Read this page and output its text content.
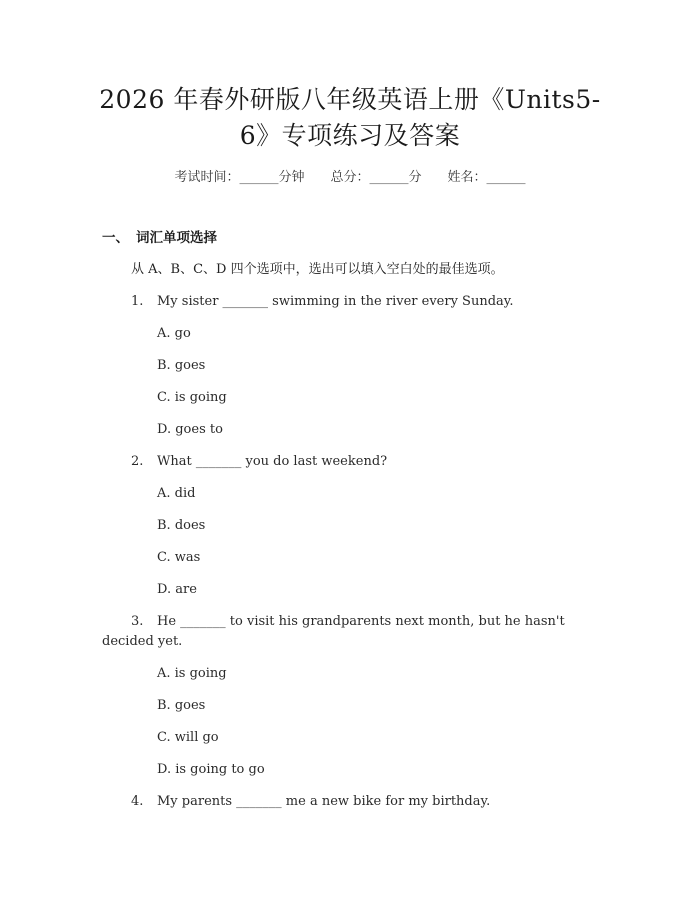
2026 年春外研版八年级英语上册《Units5-
6》专项练习及答案
考试时间：______分钟 总分：______分 姓名：______
一、 词汇单项选择
从 A、B、C、D 四个选项中，选出可以填入空白处的最佳选项。
1. My sister _______ swimming in the river every Sunday.
A. go
B. goes
C. is going
D. goes to
2. What _______ you do last weekend?
A. did
B. does
C. was
D. are
3. He _______ to visit his grandparents next month, but he hasn't
decided yet.
A. is going
B. goes
C. will go
D. is going to go
4. My parents _______ me a new bike for my birthday.
